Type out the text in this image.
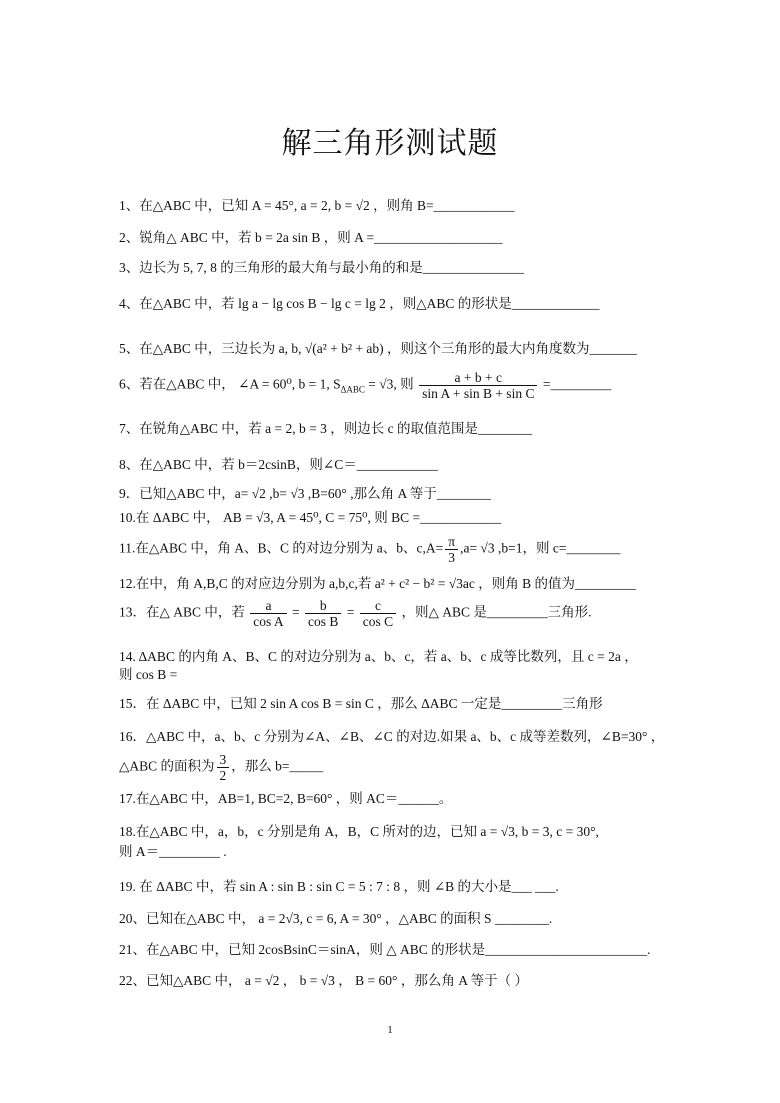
解三角形测试题
1、在△ABC 中，已知 A = 45°, a = 2, b = √2 ，则角 B=____________
2、锐角△ ABC 中，若 b = 2a sin B ，则 A =___________________
3、边长为 5, 7, 8 的三角形的最大角与最小角的和是_______________
4、在△ABC 中，若 lg a − lg cos B − lg c = lg 2 ，则△ABC 的形状是_____________
5、在△ABC 中，三边长为 a, b, √(a² + b² + ab) ，则这个三角形的最大内角度数为_______
6、若在△ABC 中， ∠A = 60⁰, b = 1, $S_{\Delta ABC} = √3$, 则 $\frac{a + b + c}{\text{sin A + sin B + sin C}}$ =_________
7、在锐角△ABC 中，若 a = 2, b = 3 ，则边长 c 的取值范围是________
8、在△ABC 中，若 b＝2csinB，则∠C＝____________
9．已知△ABC 中，a= √2 ,b= √3 ,B=60° ,那么角 A 等于________
10.在 ΔABC 中， AB = √3, A = 45⁰, C = 75⁰, 则 BC =____________
11.在△ABC 中，角 A、B、C 的对边分别为 a、b、$c,A= \frac{\pi}{3} ,a= √3$ ,b=1，则 c=________
12.在中，角 A,B,C 的对应边分别为 a,b,c,若 a² + c² − b² = √3ac ，则角 B 的值为_________
13．在△ ABC 中，若 $\frac{a}{\text{cos A}} = \frac{b}{\text{cos B}} = \frac{c}{\text{cos C}}$ ，则△ ABC 是_________三角形.
14. ΔABC 的内角 A、B、C 的对边分别为 a、b、c，若 a、b、c 成等比数列，且 c = 2a ，
则 cos B =
15．在 ΔABC 中，已知 2 sin A cos B = sin C ，那么 ΔABC 一定是_________三角形
16．△ABC 中，a、b、c 分别为∠A、∠B、∠C 的对边.如果 a、b、c 成等差数列，∠B=30° ，
△ABC 的面积为 $\frac{3}{2}$ ，那么 b=_____
17.在△ABC 中，AB=1, BC=2, B=60° ，则 AC＝______。
18.在△ABC 中，a，b，c 分别是角 A，B，C 所对的边，已知 a = √3, b = 3, c = 30°,
则 A＝_________ .
19. 在 ΔABC 中，若 sin A : sin B : sin C = 5 : 7 : 8 ，则 ∠B 的大小是___ ___.
20、已知在△ABC 中， a = 2√3, c = 6, A = 30° ，△ABC 的面积 S ________.
21、在△ABC 中，已知 2cosBsinC＝sinA，则 △ ABC 的形状是________________________.
22、已知△ABC 中， a = √2 ， b = √3 ， B = 60° ，那么角 A 等于（ ）
1
